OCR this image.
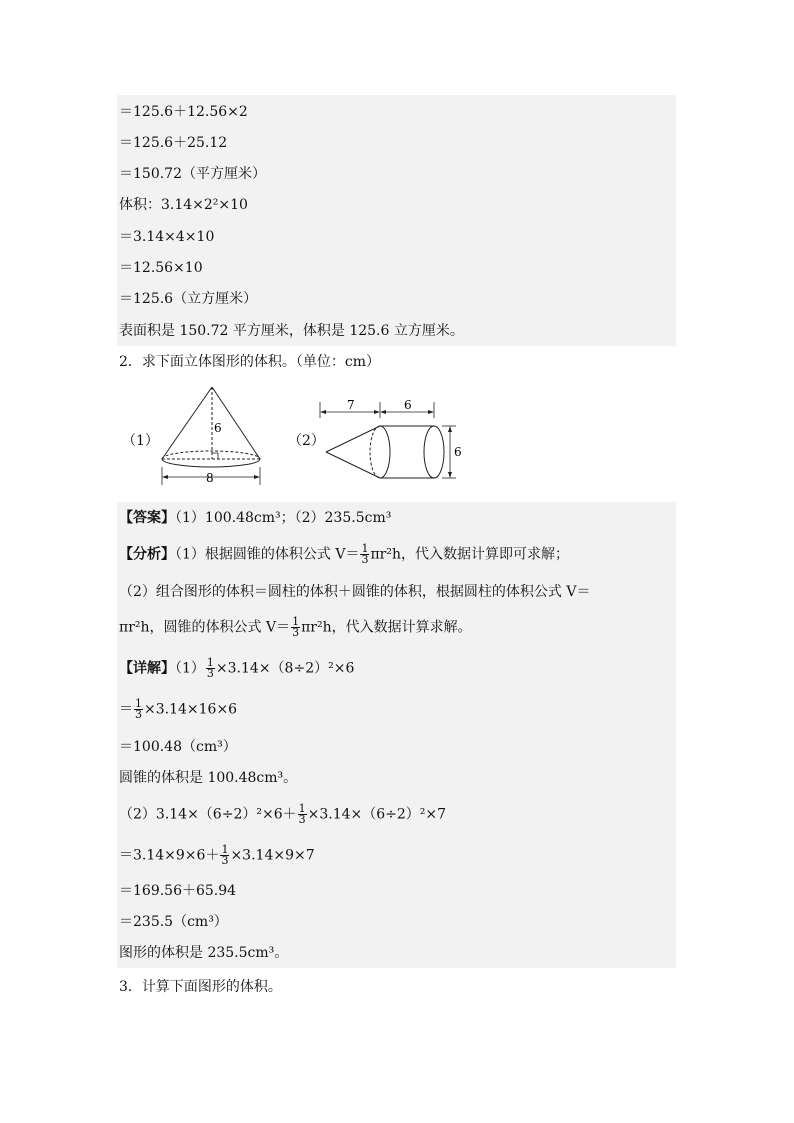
＝125.6＋12.56×2
＝125.6＋25.12
＝150.72（平方厘米）
体积：3.14×2²×10
＝3.14×4×10
＝12.56×10
＝125.6（立方厘米）
表面积是 150.72 平方厘米，体积是 125.6 立方厘米。
2．求下面立体图形的体积。（单位：cm）
（1）
6
8
（2）
7	6
6
【答案】（1）100.48cm³；（2）235.5cm³
【分析】（1）根据圆锥的体积公式 $V= \frac{1}{3} \pi r^2h$，代入数据计算即可求解；
（2）组合图形的体积＝圆柱的体积＋圆锥的体积，根据圆柱的体积公式 V＝
πr²h，圆锥的体积公式 $V= \frac{1}{3} \pi r^2h$，代入数据计算求解。
【详解】$(1) \frac{1}{3} \times 3.14\times(8\div 2)^2\times 6$
＝ $\frac{1}{3} \times 3.14\times 16\times 6$
＝100.48（cm³）
圆锥的体积是 100.48cm³。
$(2)3.14\times(6\div 2)^2\times 6+ \frac{1}{3} \times 3.14\times(6\div 2)^2\times 7$
$=3.14\times 9\times 6+ \frac{1}{3} \times 3.14\times 9\times 7$
＝169.56＋65.94
＝235.5（cm³）
图形的体积是 235.5cm³。
3．计算下面图形的体积。
